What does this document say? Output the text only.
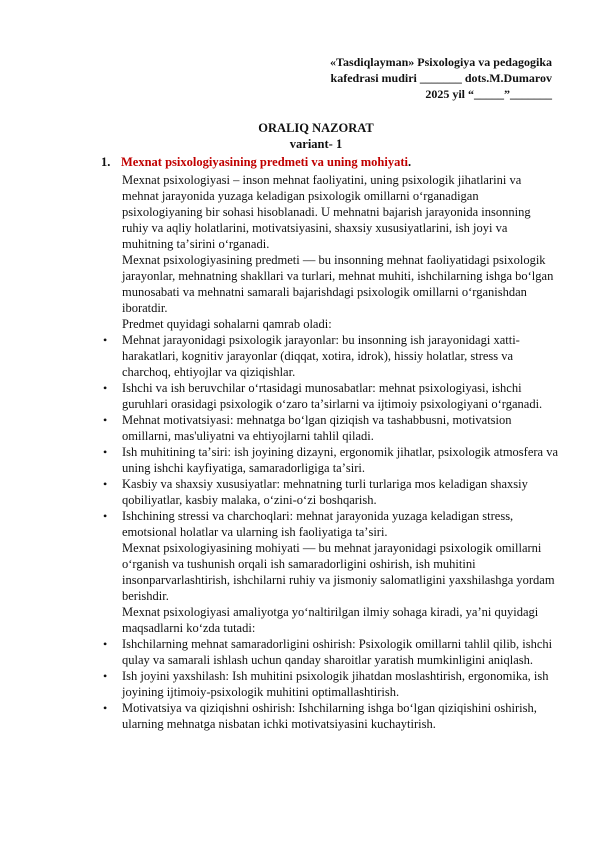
«Tasdiqlayman» Psixologiya va pedagogika
kafedrasi mudiri _______ dots.M.Dumarov
2025 yil “_____”_______
ORALIQ NAZORAT
variant- 1
1. Mexnat psixologiyasining predmeti va uning mohiyati.

Mexnat psixologiyasi – inson mehnat faoliyatini, uning psixologik jihatlarini va mehnat jarayonida yuzaga keladigan psixologik omillarni oʻrganadigan psixologiyaning bir sohasi hisoblanadi. U mehnatni bajarish jarayonida insonning ruhiy va aqliy holatlarini, motivatsiyasini, shaxsiy xususiyatlarini, ish joyi va muhitning taʼsirini oʻrganadi.

Mexnat psixologiyasining predmeti — bu insonning mehnat faoliyatidagi psixologik jarayonlar, mehnatning shakllari va turlari, mehnat muhiti, ishchilarning ishga boʻlgan munosabati va mehnatni samarali bajarishdagi psixologik omillarni oʻrganishdan iboratdir.

Predmet quyidagi sohalarni qamrab oladi:

• Mehnat jarayonidagi psixologik jarayonlar: bu insonning ish jarayonidagi xatti-harakatlari, kognitiv jarayonlar (diqqat, xotira, idrok), hissiy holatlar, stress va charchoq, ehtiyojlar va qiziqishlar.
• Ishchi va ish beruvchilar oʻrtasidagi munosabatlar: mehnat psixologiyasi, ishchi guruhlari orasidagi psixologik oʻzaro taʼsirlarni va ijtimoiy psixologiyani oʻrganadi.
• Mehnat motivatsiyasi: mehnatga boʻlgan qiziqish va tashabbusni, motivatsion omillarni, mas'uliyatni va ehtiyojlarni tahlil qiladi.
• Ish muhitining taʼsiri: ish joyining dizayni, ergonomik jihatlar, psixologik atmosfera va uning ishchi kayfiyatiga, samaradorligiga taʼsiri.
• Kasbiy va shaxsiy xususiyatlar: mehnatning turli turlariga mos keladigan shaxsiy qobiliyatlar, kasbiy malaka, oʻzini-oʻzi boshqarish.
• Ishchining stressi va charchoqlari: mehnat jarayonida yuzaga keladigan stress, emotsional holatlar va ularning ish faoliyatiga taʼsiri.

Mexnat psixologiyasining mohiyati — bu mehnat jarayonidagi psixologik omillarni oʻrganish va tushunish orqali ish samaradorligini oshirish, ish muhitini insonparvarlashtirish, ishchilarni ruhiy va jismoniy salomatligini yaxshilashga yordam berishdir.

Mexnat psixologiyasi amaliyotga yoʻnaltirilgan ilmiy sohaga kiradi, yaʼni quyidagi maqsadlarni koʻzda tutadi:

• Ishchilarning mehnat samaradorligini oshirish: Psixologik omillarni tahlil qilib, ishchi qulay va samarali ishlash uchun qanday sharoitlar yaratish mumkinligini aniqlash.
• Ish joyini yaxshilash: Ish muhitini psixologik jihatdan moslashtirish, ergonomika, ish joyining ijtimoiy-psixologik muhitini optimallashtirish.
• Motivatsiya va qiziqishni oshirish: Ishchilarning ishga boʻlgan qiziqishini oshirish, ularning mehnatga nisbatan ichki motivatsiyasini kuchaytirish.
